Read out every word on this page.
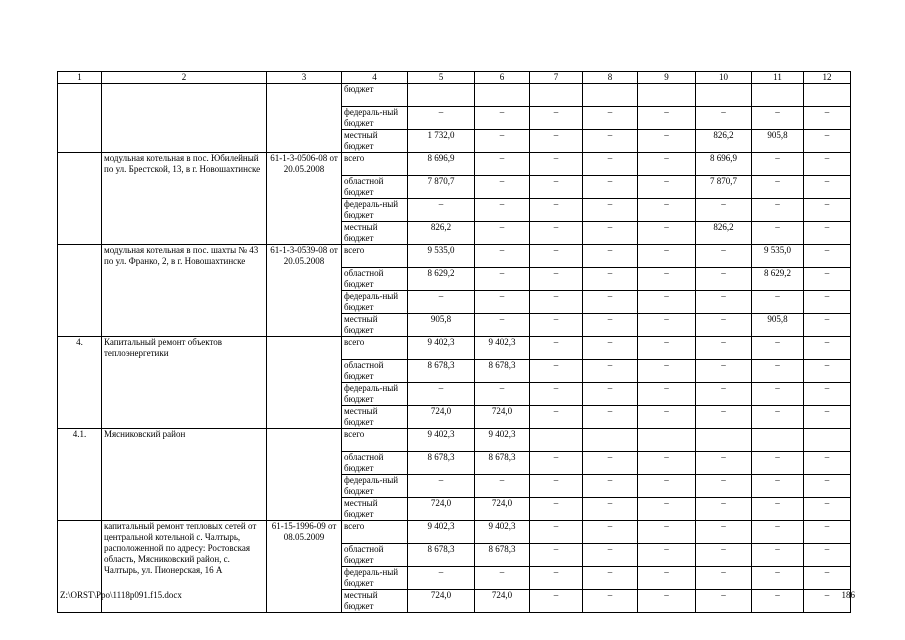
1	2	3	4	5	6	7	8	9	10	11	12
			бюджет								
			федераль-ный бюджет	–	–	–	–	–	–	–	–
			местный бюджет	1 732,0	–	–	–	–	826,2	905,8	–
	модульная котельная в пос. Юбилейный по ул. Брестской, 13, в г. Новошахтинске	61-1-3-0506-08 от 20.05.2008	всего	8 696,9	–	–	–	–	8 696,9	–	–
			областной бюджет	7 870,7	–	–	–	–	7 870,7	–	–
			федераль-ный бюджет	–	–	–	–	–	–	–	–
			местный бюджет	826,2	–	–	–	–	826,2	–	–
	модульная котельная в пос. шахты № 43 по ул. Франко, 2, в г. Новошахтинске	61-1-3-0539-08 от 20.05.2008	всего	9 535,0	–	–	–	–	–	9 535,0	–
			областной бюджет	8 629,2	–	–	–	–	–	8 629,2	–
			федераль-ный бюджет	–	–	–	–	–	–	–	–
			местный бюджет	905,8	–	–	–	–	–	905,8	–
4.	Капитальный ремонт объектов теплоэнергетики		всего	9 402,3	9 402,3	–	–	–	–	–	–
			областной бюджет	8 678,3	8 678,3	–	–	–	–	–	–
			федераль-ный бюджет	–	–	–	–	–	–	–	–
			местный бюджет	724,0	724,0	–	–	–	–	–	–
4.1.	Мясниковский район		всего	9 402,3	9 402,3						
			областной бюджет	8 678,3	8 678,3	–	–	–	–	–	–
			федераль-ный бюджет	–	–	–	–	–	–	–	–
			местный бюджет	724,0	724,0	–	–	–	–	–	–
	капитальный ремонт тепловых сетей от центральной котельной с. Чалтырь, расположенной по адресу: Ростовская область, Мясниковский район, с. Чалтырь, ул. Пионерская, 16 А	61-15-1996-09 от 08.05.2009	всего	9 402,3	9 402,3	–	–	–	–	–	–
			областной бюджет	8 678,3	8 678,3	–	–	–	–	–	–
			федераль-ный бюджет	–	–	–	–	–	–	–	–
			местный бюджет	724,0	724,0	–	–	–	–	–	–
Z:\ORST\Ppo\1118p091.f15.docx	186
